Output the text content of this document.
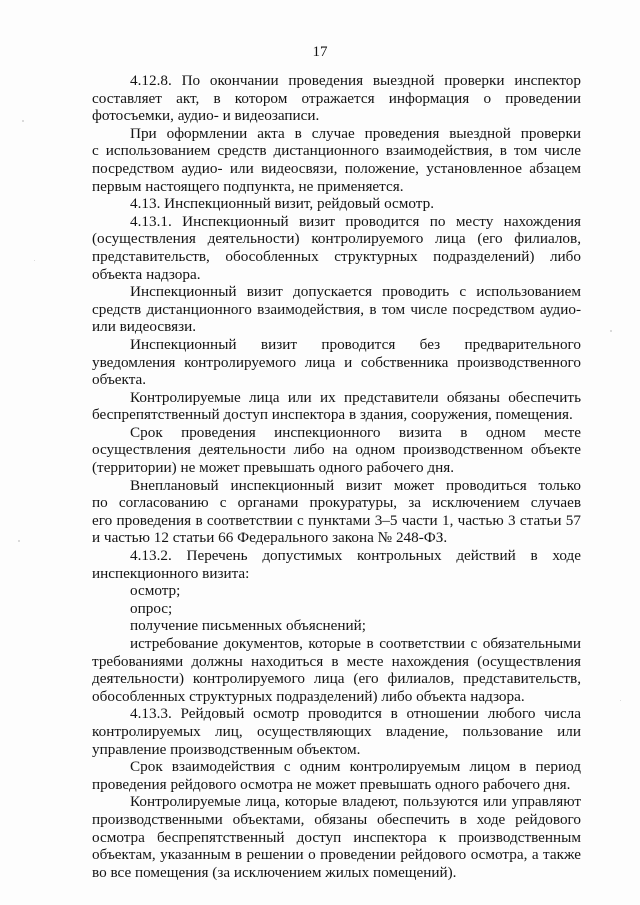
17
4.12.8. По окончании проведения выездной проверки инспектор
составляет акт, в котором отражается информация о проведении
фотосъемки, аудио- и видеозаписи.
При оформлении акта в случае проведения выездной проверки
с использованием средств дистанционного взаимодействия, в том числе
посредством аудио- или видеосвязи, положение, установленное абзацем
первым настоящего подпункта, не применяется.
4.13. Инспекционный визит, рейдовый осмотр.
4.13.1. Инспекционный визит проводится по месту нахождения
(осуществления деятельности) контролируемого лица (его филиалов,
представительств, обособленных структурных подразделений) либо
объекта надзора.
Инспекционный визит допускается проводить с использованием
средств дистанционного взаимодействия, в том числе посредством аудио-
или видеосвязи.
Инспекционный визит проводится без предварительного
уведомления контролируемого лица и собственника производственного
объекта.
Контролируемые лица или их представители обязаны обеспечить
беспрепятственный доступ инспектора в здания, сооружения, помещения.
Срок проведения инспекционного визита в одном месте
осуществления деятельности либо на одном производственном объекте
(территории) не может превышать одного рабочего дня.
Внеплановый инспекционный визит может проводиться только
по согласованию с органами прокуратуры, за исключением случаев
его проведения в соответствии с пунктами 3–5 части 1, частью 3 статьи 57
и частью 12 статьи 66 Федерального закона № 248-ФЗ.
4.13.2. Перечень допустимых контрольных действий в ходе
инспекционного визита:
осмотр;
опрос;
получение письменных объяснений;
истребование документов, которые в соответствии с обязательными
требованиями должны находиться в месте нахождения (осуществления
деятельности) контролируемого лица (его филиалов, представительств,
обособленных структурных подразделений) либо объекта надзора.
4.13.3. Рейдовый осмотр проводится в отношении любого числа
контролируемых лиц, осуществляющих владение, пользование или
управление производственным объектом.
Срок взаимодействия с одним контролируемым лицом в период
проведения рейдового осмотра не может превышать одного рабочего дня.
Контролируемые лица, которые владеют, пользуются или управляют
производственными объектами, обязаны обеспечить в ходе рейдового
осмотра беспрепятственный доступ инспектора к производственным
объектам, указанным в решении о проведении рейдового осмотра, а также
во все помещения (за исключением жилых помещений).
